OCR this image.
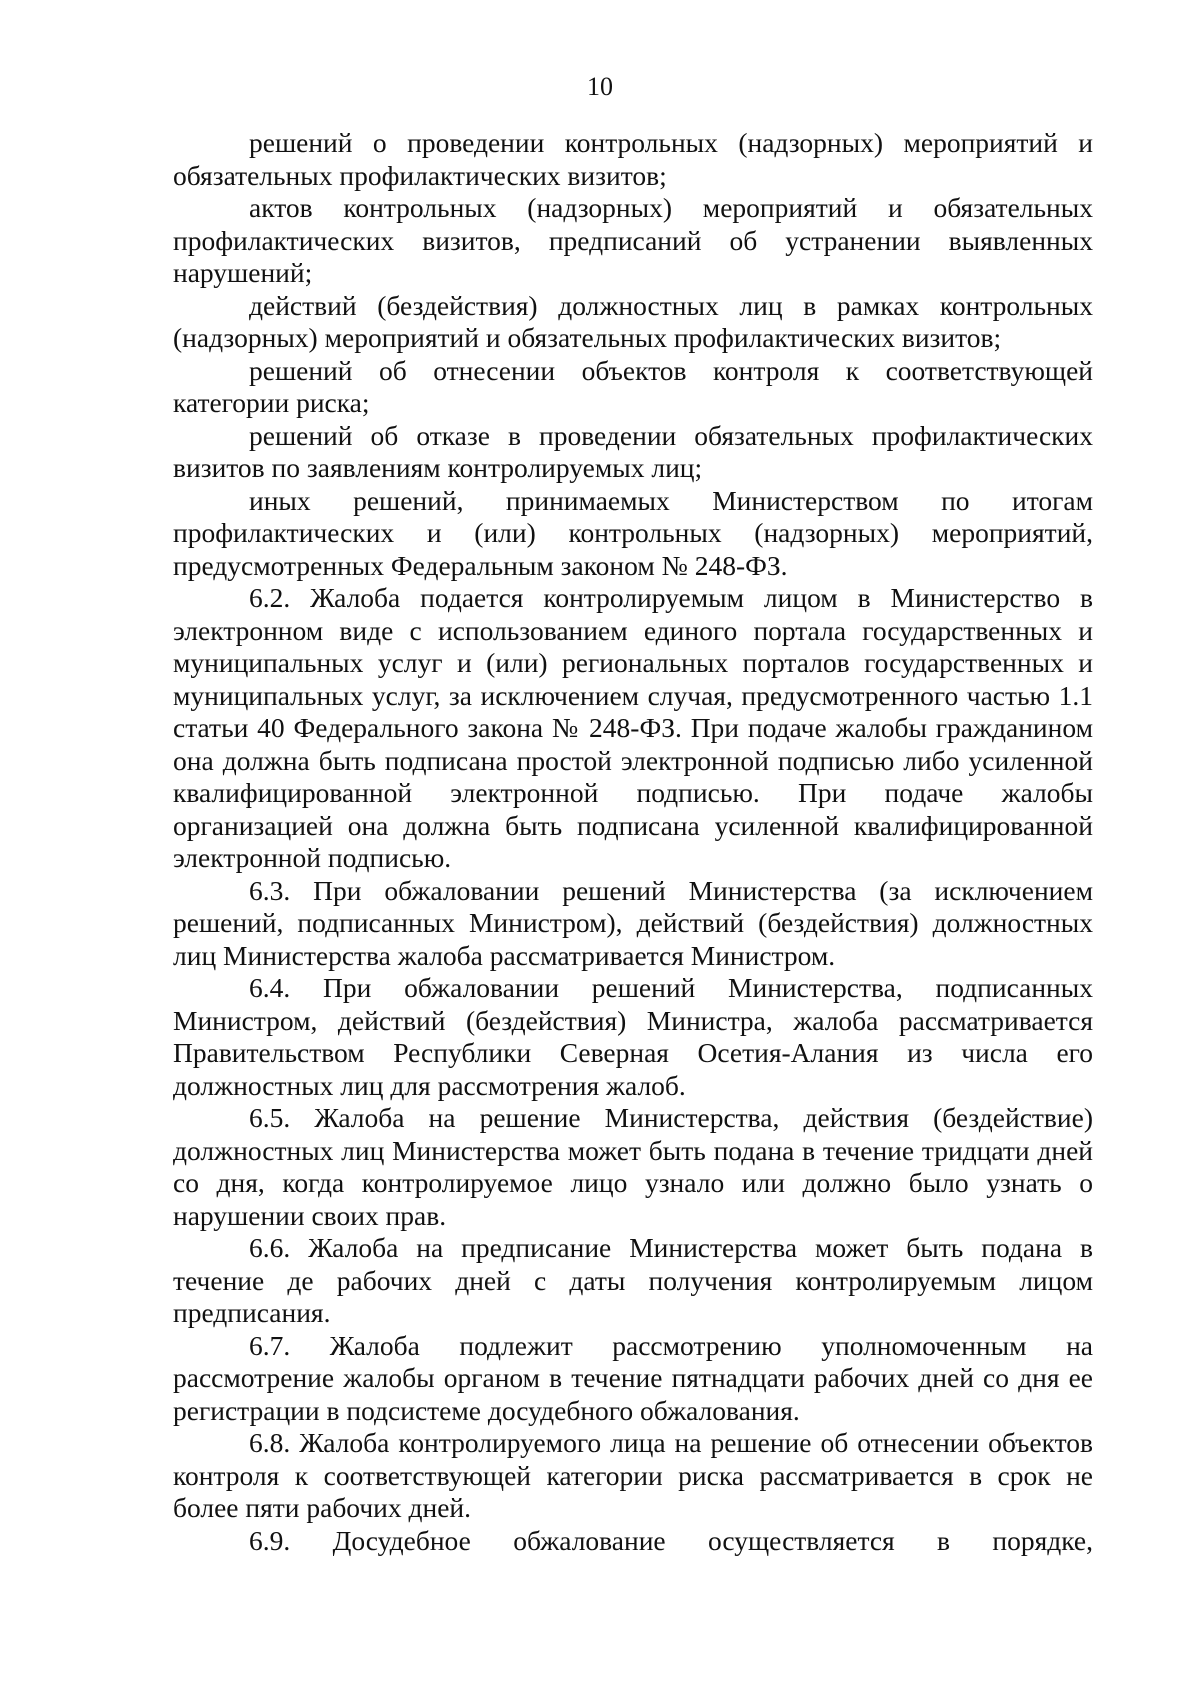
10

решений о проведении контрольных (надзорных) мероприятий и обязательных профилактических визитов;

актов контрольных (надзорных) мероприятий и обязательных профилактических визитов, предписаний об устранении выявленных нарушений;

действий (бездействия) должностных лиц в рамках контрольных (надзорных) мероприятий и обязательных профилактических визитов;

решений об отнесении объектов контроля к соответствующей категории риска;

решений об отказе в проведении обязательных профилактических визитов по заявлениям контролируемых лиц;

иных решений, принимаемых Министерством по итогам профилактических и (или) контрольных (надзорных) мероприятий, предусмотренных Федеральным законом № 248-ФЗ.

6.2. Жалоба подается контролируемым лицом в Министерство в электронном виде с использованием единого портала государственных и муниципальных услуг и (или) региональных порталов государственных и муниципальных услуг, за исключением случая, предусмотренного частью 1.1 статьи 40 Федерального закона № 248-ФЗ. При подаче жалобы гражданином она должна быть подписана простой электронной подписью либо усиленной квалифицированной электронной подписью. При подаче жалобы организацией она должна быть подписана усиленной квалифицированной электронной подписью.

6.3. При обжаловании решений Министерства (за исключением решений, подписанных Министром), действий (бездействия) должностных лиц Министерства жалоба рассматривается Министром.

6.4. При обжаловании решений Министерства, подписанных Министром, действий (бездействия) Министра, жалоба рассматривается Правительством Республики Северная Осетия-Алания из числа его должностных лиц для рассмотрения жалоб.

6.5. Жалоба на решение Министерства, действия (бездействие) должностных лиц Министерства может быть подана в течение тридцати дней со дня, когда контролируемое лицо узнало или должно было узнать о нарушении своих прав.

6.6. Жалоба на предписание Министерства может быть подана в течение де рабочих дней с даты получения контролируемым лицом предписания.

6.7. Жалоба подлежит рассмотрению уполномоченным на рассмотрение жалобы органом в течение пятнадцати рабочих дней со дня ее регистрации в подсистеме досудебного обжалования.

6.8. Жалоба контролируемого лица на решение об отнесении объектов контроля к соответствующей категории риска рассматривается в срок не более пяти рабочих дней.

6.9. Досудебное обжалование осуществляется в порядке,
